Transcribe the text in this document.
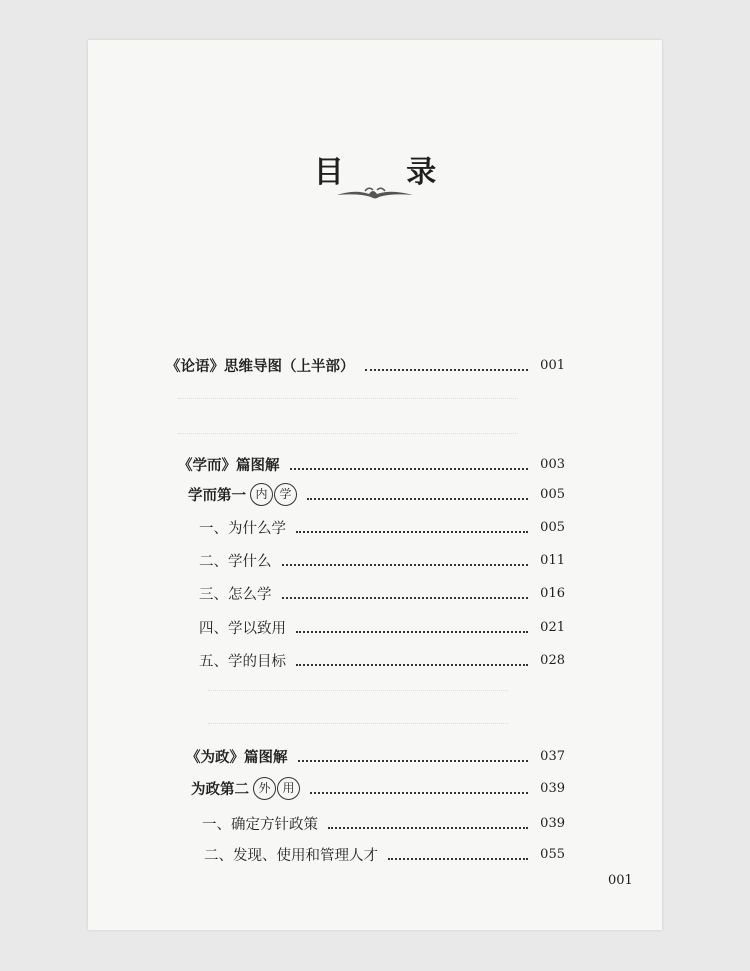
目 录
《论语》思维导图（上半部）	001
《学而》篇图解	003
学而第一 内 学	005
一、为什么学	005
二、学什么	011
三、怎么学	016
四、学以致用	021
五、学的目标	028
《为政》篇图解	037
为政第二 外 用	039
一、确定方针政策	039
二、发现、使用和管理人才	055
001
